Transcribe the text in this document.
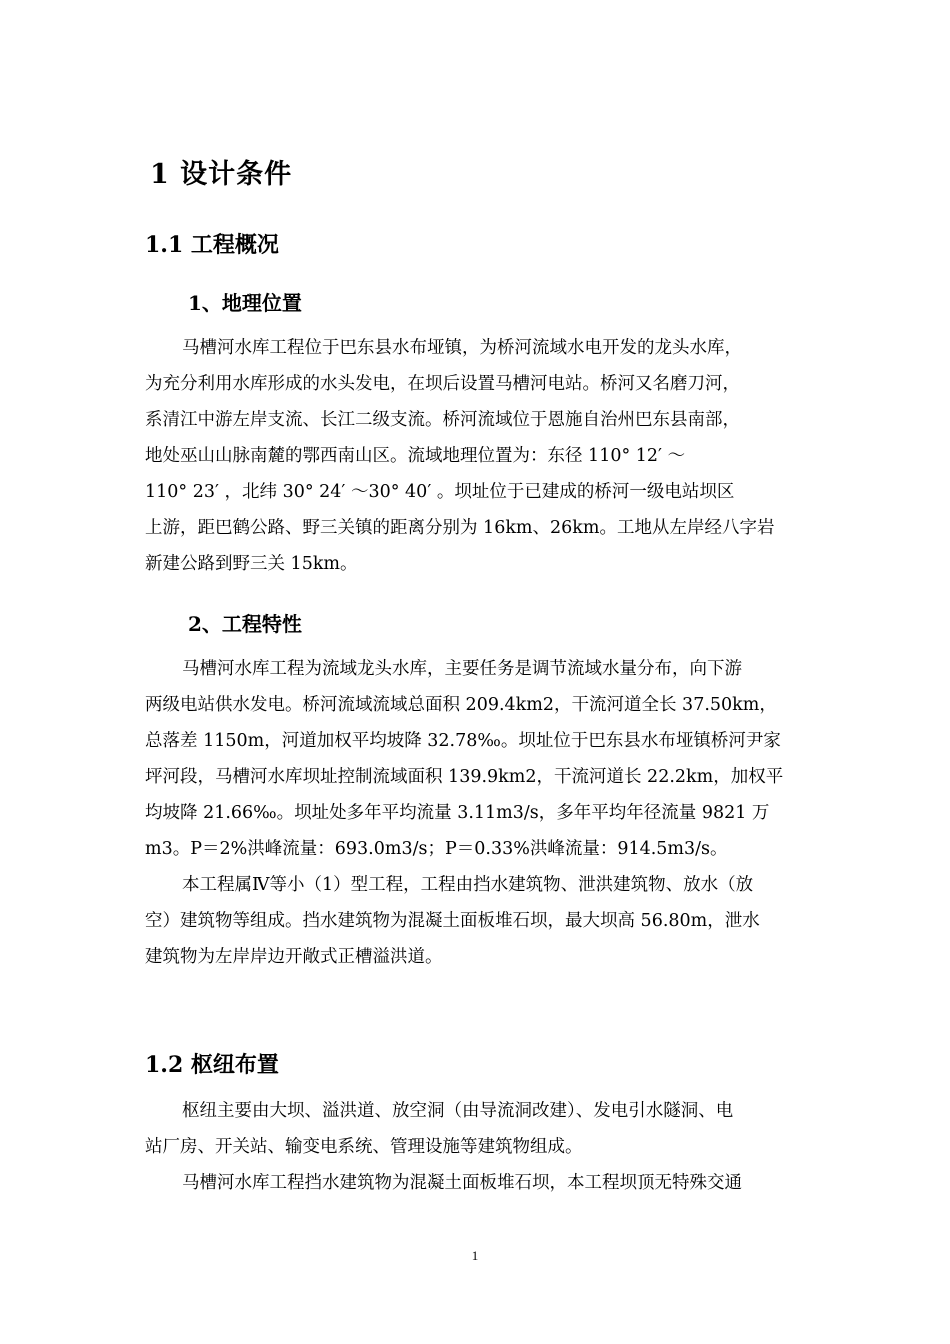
1 设计条件
1.1 工程概况
1、地理位置
马槽河水库工程位于巴东县水布垭镇，为桥河流域水电开发的龙头水库，
为充分利用水库形成的水头发电，在坝后设置马槽河电站。桥河又名磨刀河，
系清江中游左岸支流、长江二级支流。桥河流域位于恩施自治州巴东县南部，
地处巫山山脉南麓的鄂西南山区。流域地理位置为：东径 110° 12′ ～
110° 23′ ，北纬 30° 24′ ～30° 40′ 。坝址位于已建成的桥河一级电站坝区
上游，距巴鹤公路、野三关镇的距离分别为 16km、26km。工地从左岸经八字岩
新建公路到野三关 15km。
2、工程特性
马槽河水库工程为流域龙头水库，主要任务是调节流域水量分布，向下游
两级电站供水发电。桥河流域流域总面积 209.4km2，干流河道全长 37.50km，
总落差 1150m，河道加权平均坡降 32.78‰。坝址位于巴东县水布垭镇桥河尹家
坪河段，马槽河水库坝址控制流域面积 139.9km2，干流河道长 22.2km，加权平
均坡降 21.66‰。坝址处多年平均流量 3.11m3/s，多年平均年径流量 9821 万
m3。P＝2%洪峰流量：693.0m3/s；P＝0.33%洪峰流量：914.5m3/s。
本工程属Ⅳ等小（1）型工程，工程由挡水建筑物、泄洪建筑物、放水（放
空）建筑物等组成。挡水建筑物为混凝土面板堆石坝，最大坝高 56.80m，泄水
建筑物为左岸岸边开敞式正槽溢洪道。
1.2 枢纽布置
枢纽主要由大坝、溢洪道、放空洞（由导流洞改建）、发电引水隧洞、电
站厂房、开关站、输变电系统、管理设施等建筑物组成。
马槽河水库工程挡水建筑物为混凝土面板堆石坝，本工程坝顶无特殊交通
1
